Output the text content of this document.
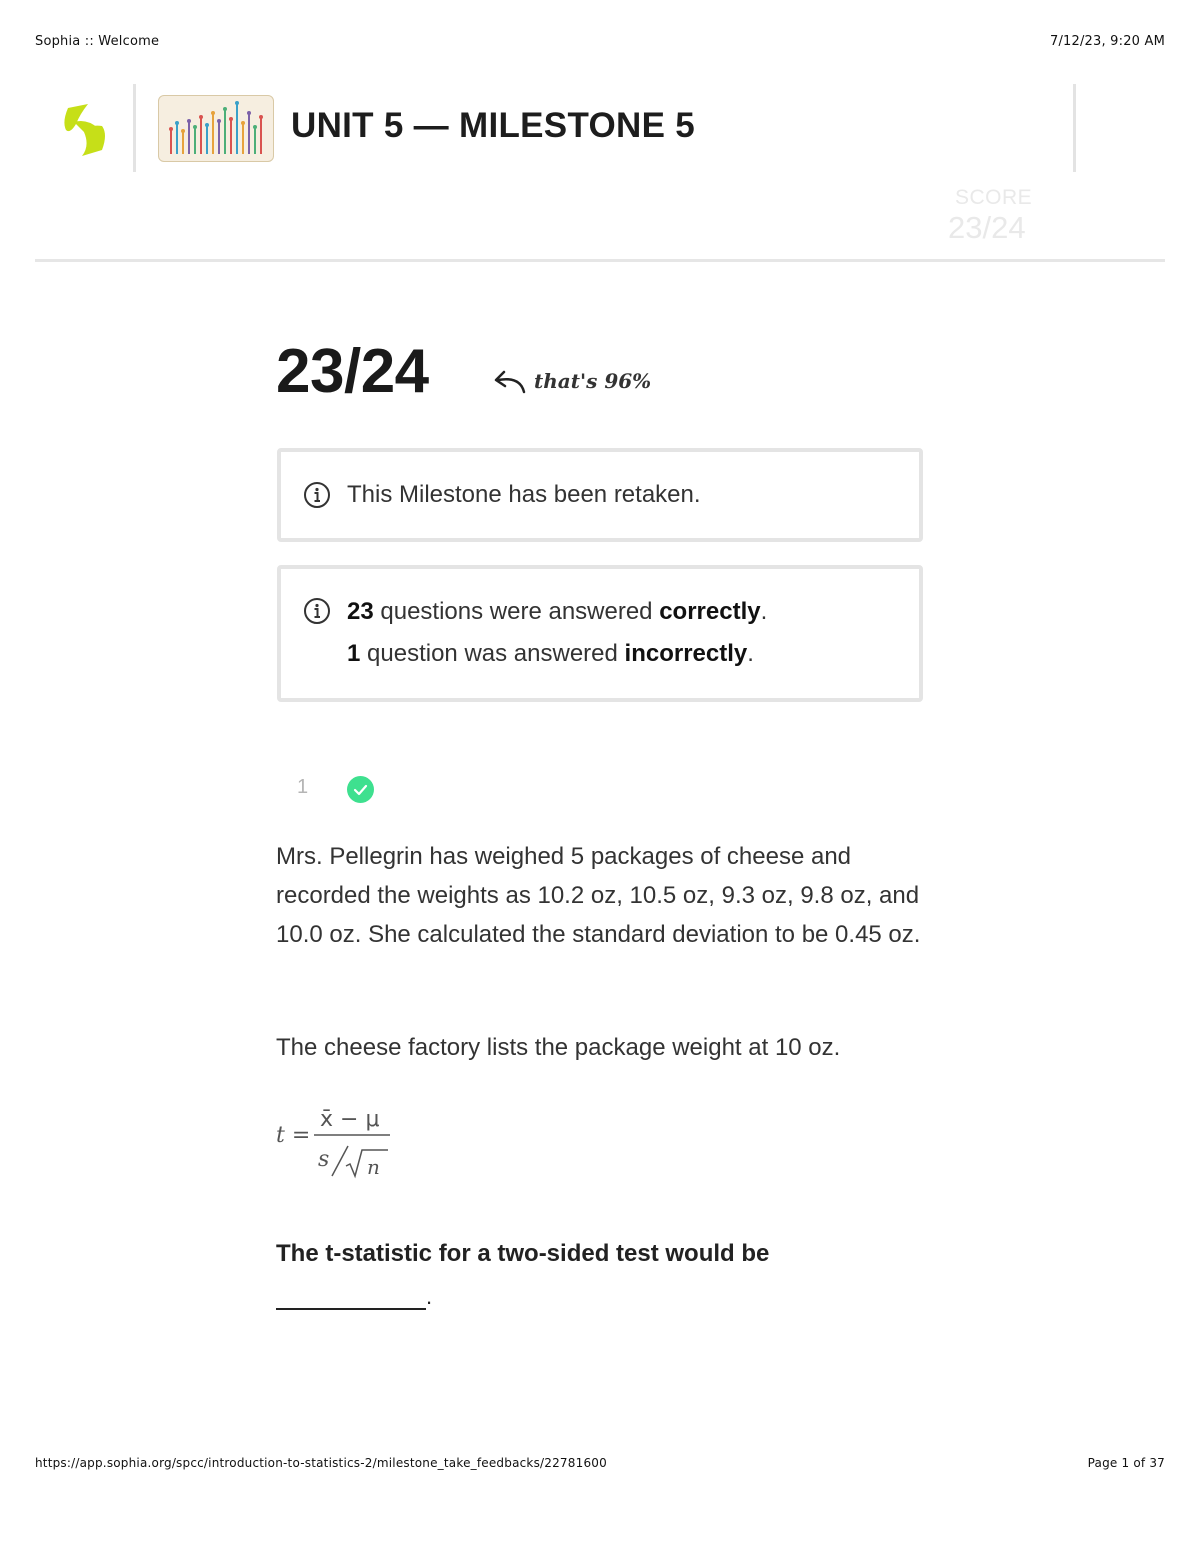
Sophia :: Welcome	7/12/23, 9:20 AM
UNIT 5 — MILESTONE 5
SCORE
23/24
23/24	that's 96%
This Milestone has been retaken.
23 questions were answered correctly.
1 question was answered incorrectly.
1
Mrs. Pellegrin has weighed 5 packages of cheese and recorded the weights as 10.2 oz, 10.5 oz, 9.3 oz, 9.8 oz, and 10.0 oz. She calculated the standard deviation to be 0.45 oz.
The cheese factory lists the package weight at 10 oz.
t =
x̄ − μ
s n
The t-statistic for a two-sided test would be
.
https://app.sophia.org/spcc/introduction-to-statistics-2/milestone_take_feedbacks/22781600	Page 1 of 37
